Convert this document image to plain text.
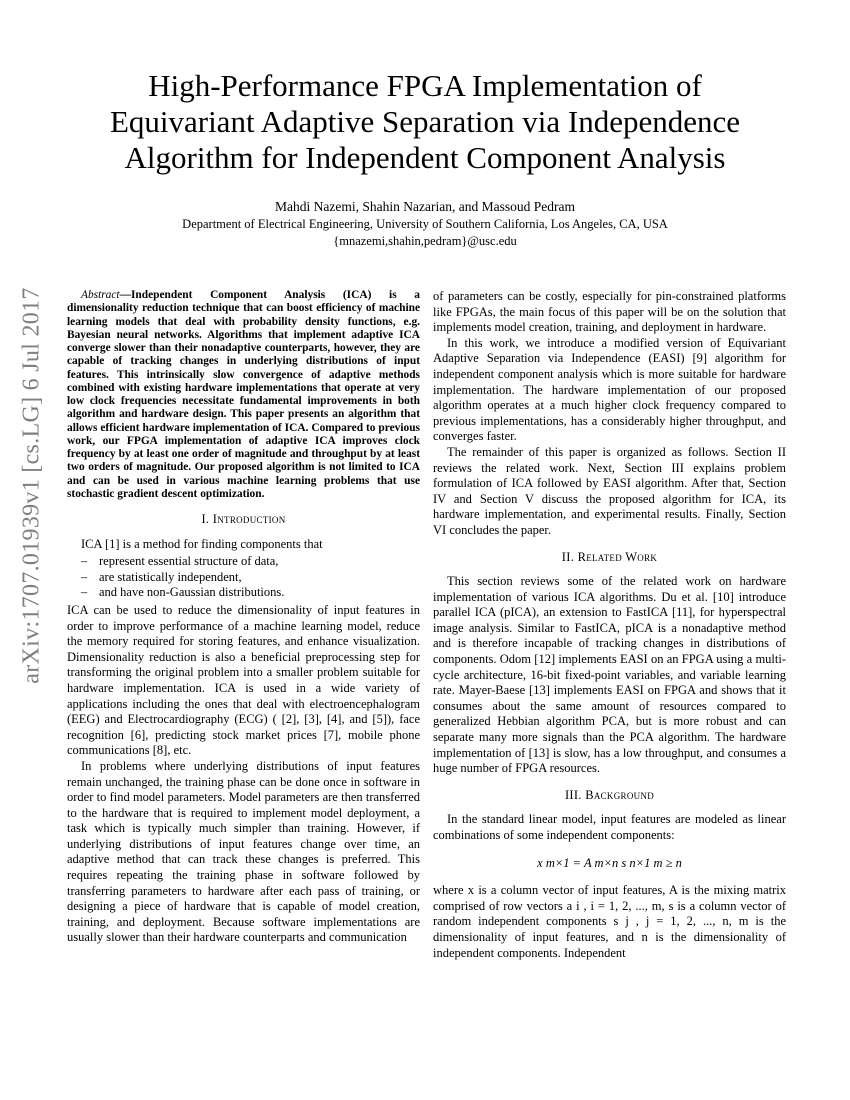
arXiv:1707.01939v1 [cs.LG] 6 Jul 2017
High-Performance FPGA Implementation of
Equivariant Adaptive Separation via Independence
Algorithm for Independent Component Analysis
Mahdi Nazemi, Shahin Nazarian, and Massoud Pedram
Department of Electrical Engineering, University of Southern California, Los Angeles, CA, USA
{mnazemi,shahin,pedram}@usc.edu

Abstract—Independent Component Analysis (ICA) is a dimensionality reduction technique that can boost efficiency of machine learning models that deal with probability density functions, e.g. Bayesian neural networks. Algorithms that implement adaptive ICA converge slower than their nonadaptive counterparts, however, they are capable of tracking changes in underlying distributions of input features. This intrinsically slow convergence of adaptive methods combined with existing hardware implementations that operate at very low clock frequencies necessitate fundamental improvements in both algorithm and hardware design. This paper presents an algorithm that allows efficient hardware implementation of ICA. Compared to previous work, our FPGA implementation of adaptive ICA improves clock frequency by at least one order of magnitude and throughput by at least two orders of magnitude. Our proposed algorithm is not limited to ICA and can be used in various machine learning problems that use stochastic gradient descent optimization.

I. Introduction

ICA [1] is a method for finding components that

– represent essential structure of data,
– are statistically independent,
– and have non-Gaussian distributions.

ICA can be used to reduce the dimensionality of input features in order to improve performance of a machine learning model, reduce the memory required for storing features, and enhance visualization. Dimensionality reduction is also a beneficial preprocessing step for transforming the original problem into a smaller problem suitable for hardware implementation. ICA is used in a wide variety of applications including the ones that deal with electroencephalogram (EEG) and Electrocardiography (ECG) ( [2], [3], [4], and [5]), face recognition [6], predicting stock market prices [7], mobile phone communications [8], etc.

In problems where underlying distributions of input features remain unchanged, the training phase can be done once in software in order to find model parameters. Model parameters are then transferred to the hardware that is required to implement model deployment, a task which is typically much simpler than training. However, if underlying distributions of input features change over time, an adaptive method that can track these changes is preferred. This requires repeating the training phase in software followed by transferring parameters to hardware after each pass of training, or designing a piece of hardware that is capable of model creation, training, and deployment. Because software implementations are usually slower than their hardware counterparts and communication

of parameters can be costly, especially for pin-constrained platforms like FPGAs, the main focus of this paper will be on the solution that implements model creation, training, and deployment in hardware.

In this work, we introduce a modified version of Equivariant Adaptive Separation via Independence (EASI) [9] algorithm for independent component analysis which is more suitable for hardware implementation. The hardware implementation of our proposed algorithm operates at a much higher clock frequency compared to previous implementations, has a considerably higher throughput, and converges faster.

The remainder of this paper is organized as follows. Section II reviews the related work. Next, Section III explains problem formulation of ICA followed by EASI algorithm. After that, Section IV and Section V discuss the proposed algorithm for ICA, its hardware implementation, and experimental results. Finally, Section VI concludes the paper.

II. Related Work

This section reviews some of the related work on hardware implementation of various ICA algorithms. Du et al. [10] introduce parallel ICA (pICA), an extension to FastICA [11], for hyperspectral image analysis. Similar to FastICA, pICA is a nonadaptive method and is therefore incapable of tracking changes in distributions of components. Odom [12] implements EASI on an FPGA using a multi-cycle architecture, 16-bit fixed-point variables, and variable learning rate. Mayer-Baese [13] implements EASI on FPGA and shows that it consumes about the same amount of resources compared to generalized Hebbian algorithm PCA, but is more robust and can separate many more signals than the PCA algorithm. The hardware implementation of [13] is slow, has a low throughput, and consumes a huge number of FPGA resources.

III. Background

In the standard linear model, input features are modeled as linear combinations of some independent components:

x m×1 = A m×n s n×1 m ≥ n

where x is a column vector of input features, A is the mixing matrix comprised of row vectors a i , i = 1, 2, ..., m, s is a column vector of random independent components s j , j = 1, 2, ..., n, m is the dimensionality of input features, and n is the dimensionality of independent components. Independent
